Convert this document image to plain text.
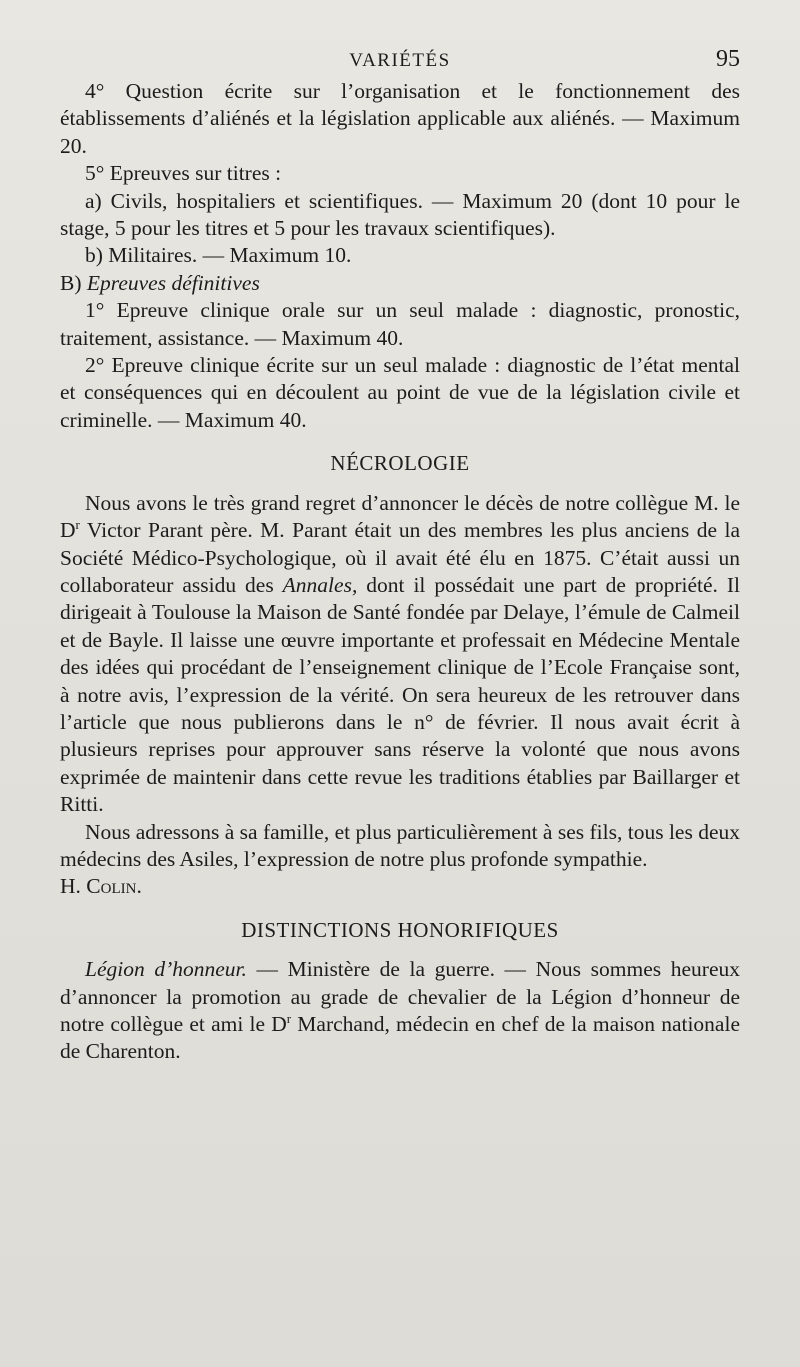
VARIÉTÉS	95

4° Question écrite sur l’organisation et le fonctionnement des établissements d’aliénés et la législation applicable aux aliénés. — Maximum 20.

5° Epreuves sur titres :

a) Civils, hospitaliers et scientifiques. — Maximum 20 (dont 10 pour le stage, 5 pour les titres et 5 pour les travaux scientifiques).

b) Militaires. — Maximum 10.

B) Epreuves définitives

1° Epreuve clinique orale sur un seul malade : diagnostic, pronostic, traitement, assistance. — Maximum 40.

2° Epreuve clinique écrite sur un seul malade : diagnostic de l’état mental et conséquences qui en découlent au point de vue de la législation civile et criminelle. — Maximum 40.

NÉCROLOGIE

Nous avons le très grand regret d’annoncer le décès de notre collègue M. le $D^r$ Victor Parant père. M. Parant était un des membres les plus anciens de la Société Médico-Psychologique, où il avait été élu en 1875. C’était aussi un collaborateur assidu des Annales, dont il possédait une part de propriété. Il dirigeait à Toulouse la Maison de Santé fondée par Delaye, l’émule de Calmeil et de Bayle. Il laisse une œuvre importante et professait en Médecine Mentale des idées qui procédant de l’enseignement clinique de l’Ecole Française sont, à notre avis, l’expression de la vérité. On sera heureux de les retrouver dans l’article que nous publierons dans le n° de février. Il nous avait écrit à plusieurs reprises pour approuver sans réserve la volonté que nous avons exprimée de maintenir dans cette revue les traditions établies par Baillarger et Ritti.

Nous adressons à sa famille, et plus particulièrement à ses fils, tous les deux médecins des Asiles, l’expression de notre plus profonde sympathie.

H. Colin.

DISTINCTIONS HONORIFIQUES

Légion d’honneur. — Ministère de la guerre. — Nous sommes heureux d’annoncer la promotion au grade de chevalier de la Légion d’honneur de notre collègue et ami le $D^r$ Marchand, médecin en chef de la maison nationale de Charenton.
